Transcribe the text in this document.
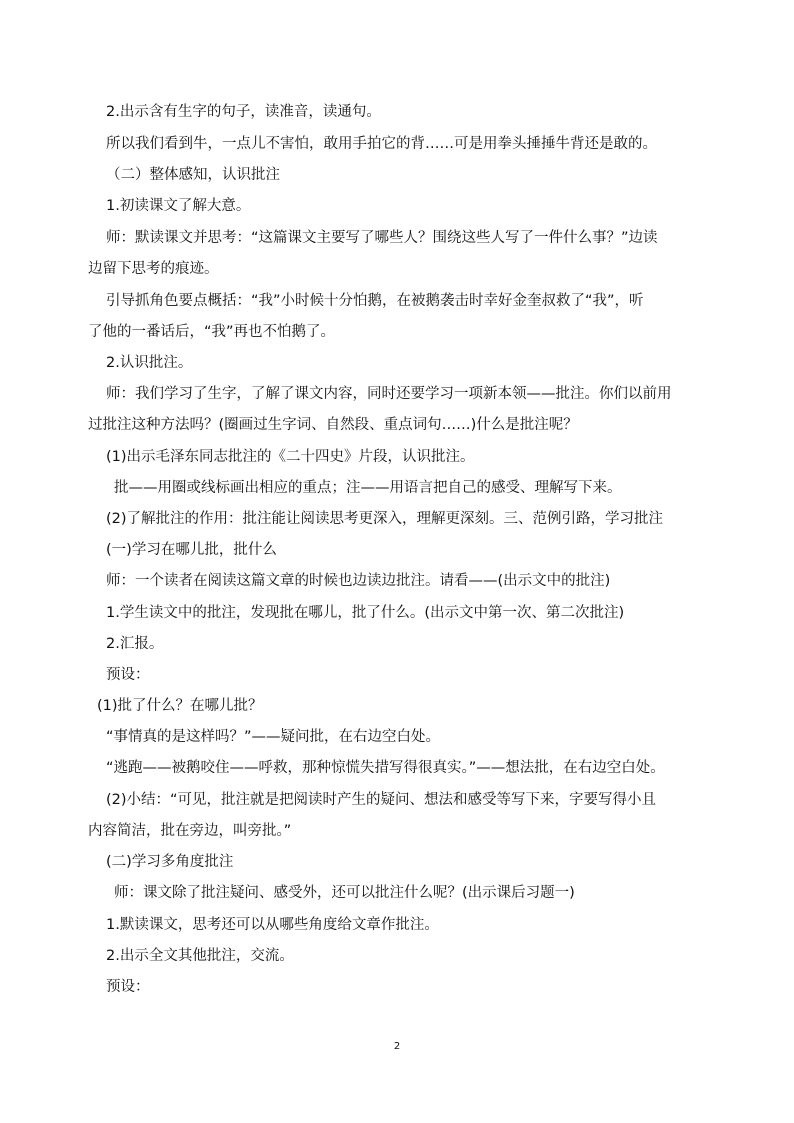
2.出示含有生字的句子，读准音，读通句。
所以我们看到牛，一点儿不害怕，敢用手拍它的背……可是用拳头捶捶牛背还是敢的。
（二）整体感知，认识批注
1.初读课文了解大意。
师：默读课文并思考：“这篇课文主要写了哪些人？围绕这些人写了一件什么事？”边读
边留下思考的痕迹。
引导抓角色要点概括：“我”小时候十分怕鹅，在被鹅袭击时幸好金奎叔救了“我”，听
了他的一番话后，“我”再也不怕鹅了。
2.认识批注。
师：我们学习了生字，了解了课文内容，同时还要学习一项新本领——批注。你们以前用
过批注这种方法吗？(圈画过生字词、自然段、重点词句……)什么是批注呢？
(1)出示毛泽东同志批注的《二十四史》片段，认识批注。
批——用圈或线标画出相应的重点；注——用语言把自己的感受、理解写下来。
(2)了解批注的作用：批注能让阅读思考更深入，理解更深刻。三、范例引路，学习批注
(一)学习在哪儿批，批什么
师：一个读者在阅读这篇文章的时候也边读边批注。请看——(出示文中的批注)
1.学生读文中的批注，发现批在哪儿，批了什么。(出示文中第一次、第二次批注)
2.汇报。
预设：
(1)批了什么？在哪儿批？
“事情真的是这样吗？”——疑问批，在右边空白处。
“逃跑——被鹅咬住——呼救，那种惊慌失措写得很真实。”——想法批，在右边空白处。
(2)小结：“可见，批注就是把阅读时产生的疑问、想法和感受等写下来，字要写得小且
内容简洁，批在旁边，叫旁批。”
(二)学习多角度批注
师：课文除了批注疑问、感受外，还可以批注什么呢？(出示课后习题一)
1.默读课文，思考还可以从哪些角度给文章作批注。
2.出示全文其他批注，交流。
预设：
2
